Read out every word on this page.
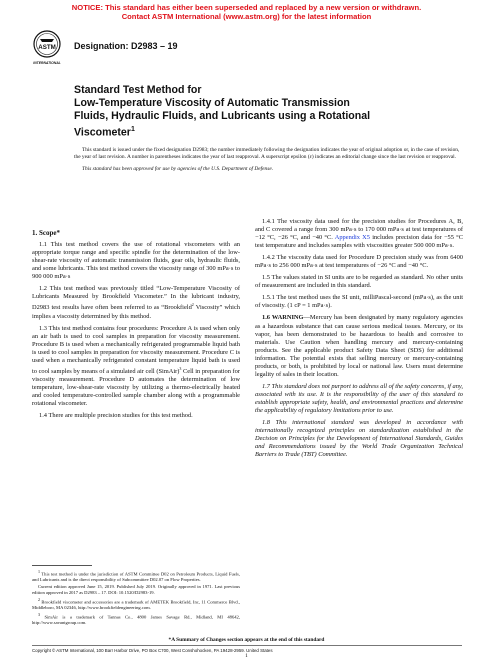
NOTICE: This standard has either been superseded and replaced by a new version or withdrawn.
Contact ASTM International (www.astm.org) for the latest information
ASTM
INTERNATIONAL
Designation: D2983 – 19
Standard Test Method for
Low-Temperature Viscosity of Automatic Transmission
Fluids, Hydraulic Fluids, and Lubricants using a Rotational
Viscometer$^1$

This standard is issued under the fixed designation D2983; the number immediately following the designation indicates the year of original adoption or, in the case of revision, the year of last revision. A number in parentheses indicates the year of last reapproval. A superscript epsilon (ε) indicates an editorial change since the last revision or reapproval.

This standard has been approved for use by agencies of the U.S. Department of Defense.

1. Scope*

1.1 This test method covers the use of rotational viscometers with an appropriate torque range and specific spindle for the determination of the low-shear-rate viscosity of automatic transmission fluids, gear oils, hydraulic fluids, and some lubricants. This test method covers the viscosity range of 300 mPa·s to 900 000 mPa·s

1.2 This test method was previously titled “Low-Temperature Viscosity of Lubricants Measured by Brookfield Viscometer.” In the lubricant industry, D2983 test results have often been referred to as “Brookfield$^2$ Viscosity” which implies a viscosity determined by this method.

1.3 This test method contains four procedures: Procedure A is used when only an air bath is used to cool samples in preparation for viscosity measurement. Procedure B is used when a mechanically refrigerated programmable liquid bath is used to cool samples in preparation for viscosity measurement. Procedure C is used when a mechanically refrigerated constant temperature liquid bath is used to cool samples by means of a simulated air cell (SimAir)$^3$ Cell in preparation for viscosity measurement. Procedure D automates the determination of low temperature, low-shear-rate viscosity by utilizing a thermo-electrically heated and cooled temperature-controlled sample chamber along with a programmable rotational viscometer.

1.4 There are multiple precision studies for this test method.

1 This test method is under the jurisdiction of ASTM Committee D02 on Petroleum Products, Liquid Fuels, and Lubricants and is the direct responsibility of Subcommittee D02.07 on Flow Properties.

Current edition approved June 15, 2019. Published July 2019. Originally approved in 1971. Last previous edition approved in 2017 as D2983 – 17. DOI: 10.1520/D2983-19.

2 Brookfield viscometer and accessories are a trademark of AMETEK Brookfield, Inc, 11 Commerce Blvd., Middleboro, MA 02346, http://www.brookfieldengineering.com.

3 SimAir is a trademark of Tannas Co., 4800 James Savage Rd., Midland, MI 48642, http://www.savantgroup.com.

1.4.1 The viscosity data used for the precision studies for Procedures A, B, and C covered a range from 300 mPa·s to 170 000 mPa·s at test temperatures of −12 °C, −26 °C, and −40 °C. Appendix X5 includes precision data for −55 °C test temperature and includes samples with viscosities greater 500 000 mPa·s.

1.4.2 The viscosity data used for Procedure D precision study was from 6400 mPa·s to 256 000 mPa·s at test temperatures of −26 °C and −40 °C.

1.5 The values stated in SI units are to be regarded as standard. No other units of measurement are included in this standard.

1.5.1 The test method uses the SI unit, milliPascal-second (mPa·s), as the unit of viscosity. (1 cP = 1 mPa·s).

1.6 WARNING—Mercury has been designated by many regulatory agencies as a hazardous substance that can cause serious medical issues. Mercury, or its vapor, has been demonstrated to be hazardous to health and corrosive to materials. Use Caution when handling mercury and mercury-containing products. See the applicable product Safety Data Sheet (SDS) for additional information. The potential exists that selling mercury or mercury-containing products, or both, is prohibited by local or national law. Users must determine legality of sales in their location.

1.7 This standard does not purport to address all of the safety concerns, if any, associated with its use. It is the responsibility of the user of this standard to establish appropriate safety, health, and environmental practices and determine the applicability of regulatory limitations prior to use.

1.8 This international standard was developed in accordance with internationally recognized principles on standardization established in the Decision on Principles for the Development of International Standards, Guides and Recommendations issued by the World Trade Organization Technical Barriers to Trade (TBT) Committee.

*A Summary of Changes section appears at the end of this standard
Copyright © ASTM International, 100 Barr Harbor Drive, PO Box C700, West Conshohocken, PA 19428-2959. United States
1
